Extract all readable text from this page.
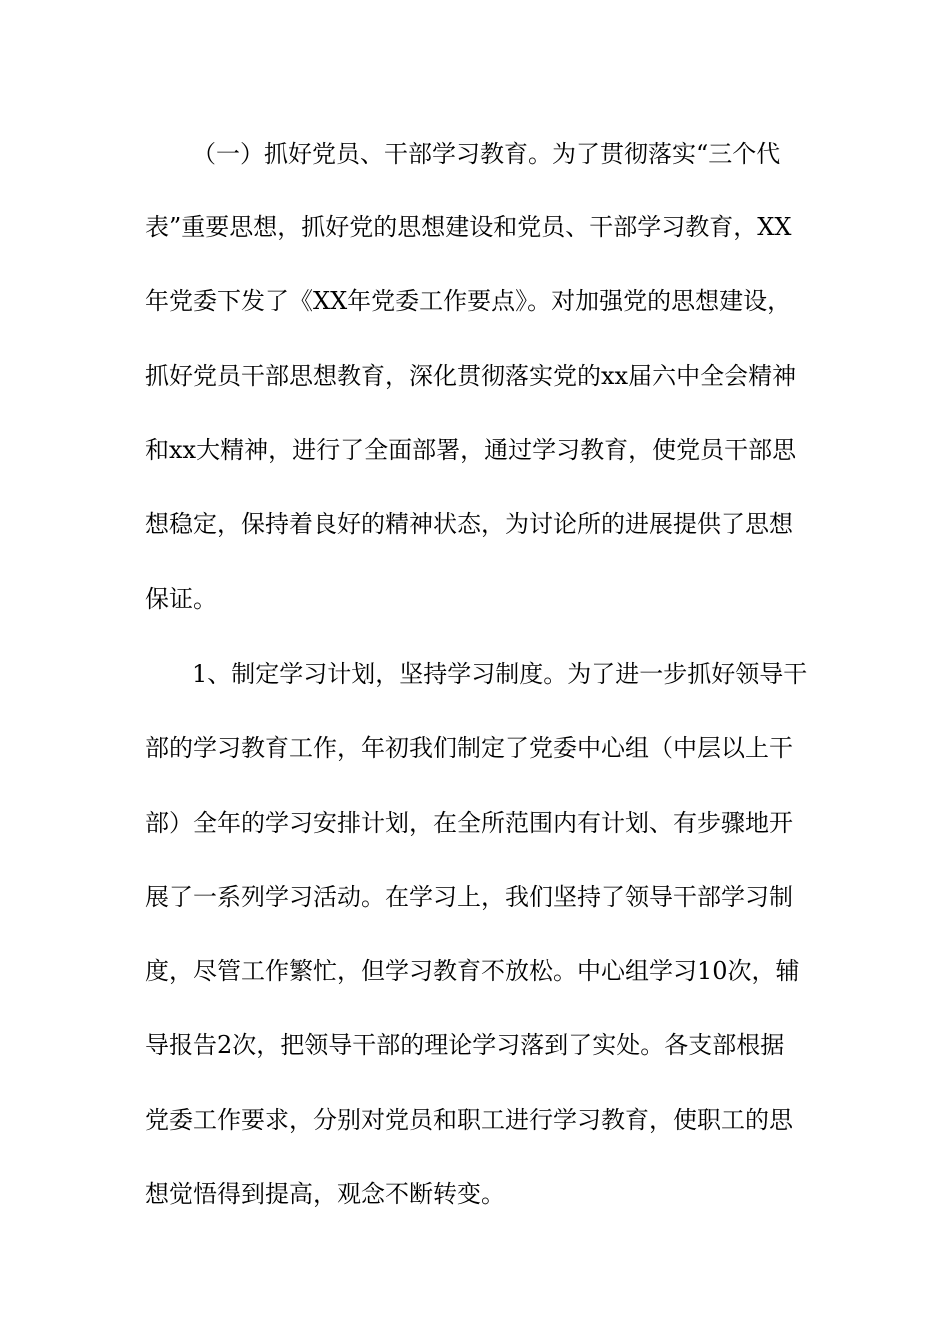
（一）抓好党员、干部学习教育。为了贯彻落实“三个代
表”重要思想，抓好党的思想建设和党员、干部学习教育，XX
年党委下发了《XX年党委工作要点》。对加强党的思想建设，
抓好党员干部思想教育，深化贯彻落实党的xx届六中全会精神
和xx大精神，进行了全面部署，通过学习教育，使党员干部思
想稳定，保持着良好的精神状态，为讨论所的进展提供了思想
保证。
1、制定学习计划，坚持学习制度。为了进一步抓好领导干
部的学习教育工作，年初我们制定了党委中心组（中层以上干
部）全年的学习安排计划，在全所范围内有计划、有步骤地开
展了一系列学习活动。在学习上，我们坚持了领导干部学习制
度，尽管工作繁忙，但学习教育不放松。中心组学习10次，辅
导报告2次，把领导干部的理论学习落到了实处。各支部根据
党委工作要求，分别对党员和职工进行学习教育，使职工的思
想觉悟得到提高，观念不断转变。
